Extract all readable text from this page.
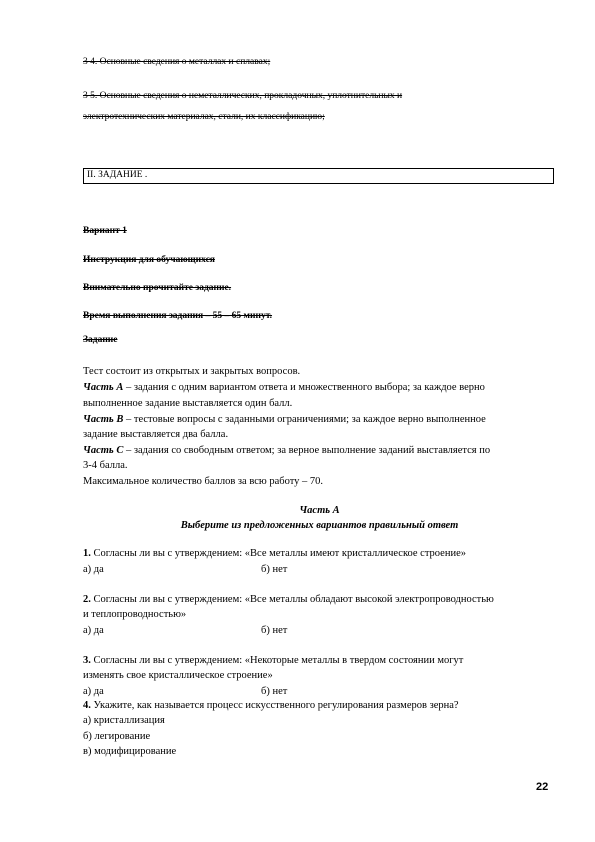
3 4. Основные сведения о металлах и сплавах;
3 5. Основные сведения о неметаллических, прокладочных, уплотнительных и
электротехнических материалах, стали, их классификацию;
II. ЗАДАНИЕ .
Вариант 1
Инструкция для обучающихся
Внимательно прочитайте задание.
Время выполнения задания – 55 – 65 минут.
Задание
Тест состоит из открытых и закрытых вопросов.
Часть А – задания с одним вариантом ответа и множественного выбора; за каждое верно
выполненное задание выставляется один балл.
Часть В – тестовые вопросы с заданными ограничениями; за каждое верно выполненное
задание выставляется два балла.
Часть С – задания со свободным ответом; за верное выполнение заданий выставляется по
3-4 балла.
Максимальное количество баллов за всю работу – 70.
Часть А
Выберите из предложенных вариантов правильный ответ
1. Согласны ли вы с утверждением: «Все металлы имеют кристаллическое строение»
а) да	б) нет
2. Согласны ли вы с утверждением: «Все металлы обладают высокой электропроводностью
и теплопроводностью»
а) да	б) нет
3. Согласны ли вы с утверждением: «Некоторые металлы в твердом состоянии могут
изменять свое кристаллическое строение»
а) да	б) нет
4. Укажите, как называется процесс искусственного регулирования размеров зерна?
а) кристаллизация
б) легирование
в) модифицирование
22
